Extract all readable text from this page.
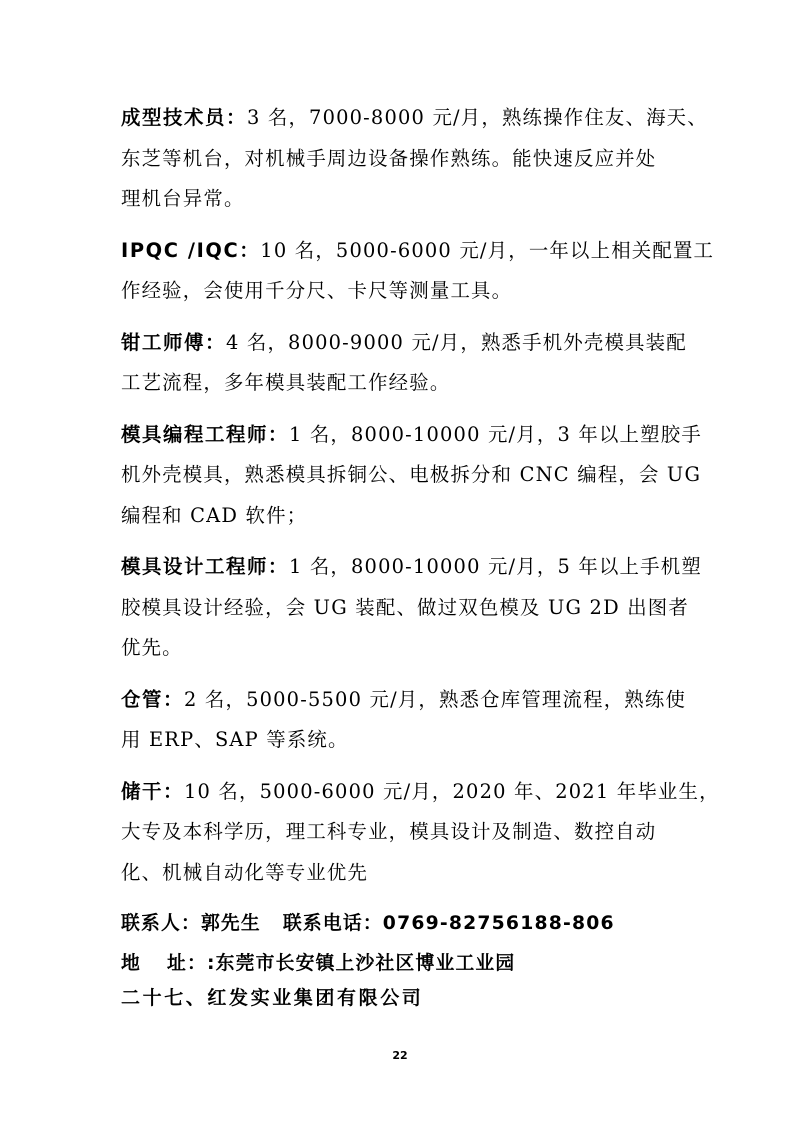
成型技术员：3 名，7000-8000 元/月，熟练操作住友、海天、

东芝等机台，对机械手周边设备操作熟练。能快速反应并处

理机台异常。

IPQC /IQC：10 名，5000-6000 元/月，一年以上相关配置工

作经验，会使用千分尺、卡尺等测量工具。

钳工师傅：4 名，8000-9000 元/月，熟悉手机外壳模具装配

工艺流程，多年模具装配工作经验。

模具编程工程师：1 名，8000-10000 元/月，3 年以上塑胶手

机外壳模具，熟悉模具拆铜公、电极拆分和 CNC 编程，会 UG

编程和 CAD 软件；

模具设计工程师：1 名，8000-10000 元/月，5 年以上手机塑

胶模具设计经验，会 UG 装配、做过双色模及 UG 2D 出图者

优先。

仓管：2 名，5000-5500 元/月，熟悉仓库管理流程，熟练使

用 ERP、SAP 等系统。

储干：10 名，5000-6000 元/月，2020 年、2021 年毕业生，

大专及本科学历，理工科专业，模具设计及制造、数控自动

化、机械自动化等专业优先

联系人：郭先生 联系电话：0769-82756188-806

地 址：:东莞市长安镇上沙社区博业工业园

二十七、红发实业集团有限公司

22
